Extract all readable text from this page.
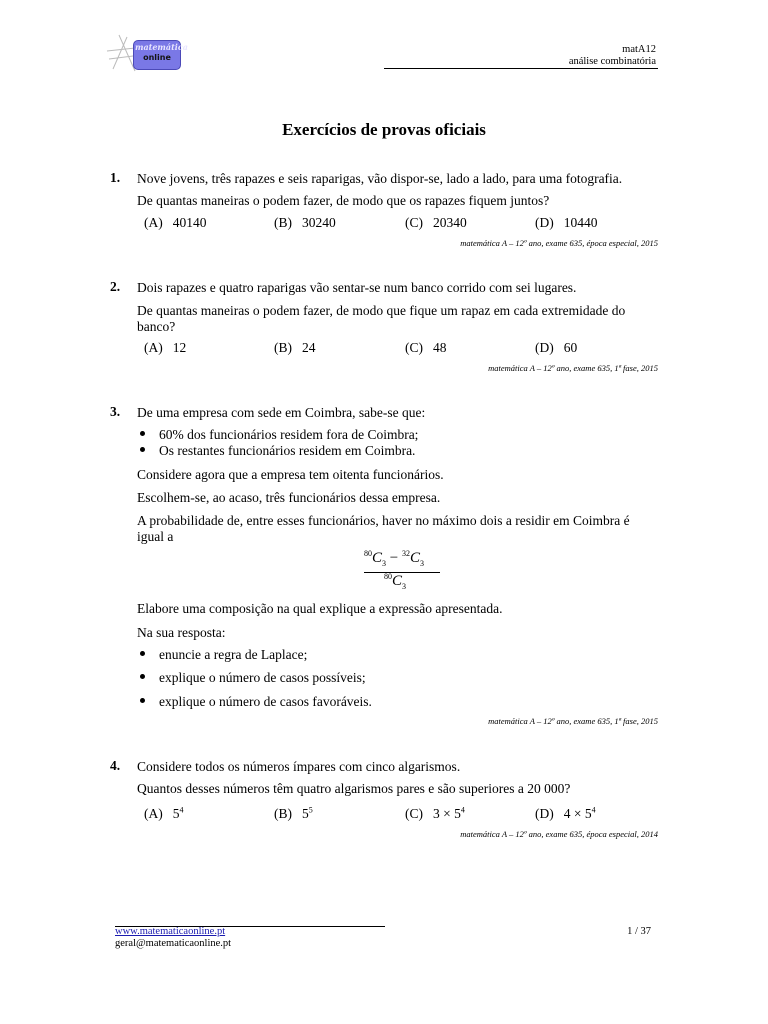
matemática
online
matA12
análise combinatória
Exercícios de provas oficiais
1. Nove jovens, três rapazes e seis raparigas, vão dispor-se, lado a lado, para uma fotografia.
De quantas maneiras o podem fazer, de modo que os rapazes fiquem juntos?
(A) 40140	(B) 30240	(C) 20340	(D) 10440
matemática A – 12º ano, exame 635, época especial, 2015
2. Dois rapazes e quatro raparigas vão sentar-se num banco corrido com sei lugares.
De quantas maneiras o podem fazer, de modo que fique um rapaz em cada extremidade do
banco?
(A) 12	(B) 24	(C) 48	(D) 60
matemática A – 12º ano, exame 635, 1ª fase, 2015
3. De uma empresa com sede em Coimbra, sabe-se que:
60% dos funcionários residem fora de Coimbra;
Os restantes funcionários residem em Coimbra.
Considere agora que a empresa tem oitenta funcionários.
Escolhem-se, ao acaso, três funcionários dessa empresa.
A probabilidade de, entre esses funcionários, haver no máximo dois a residir em Coimbra é
igual a
$^{80}C_3 - ^{32}C_3$
$^{80}C_3$
Elabore uma composição na qual explique a expressão apresentada.
Na sua resposta:
enuncie a regra de Laplace;
explique o número de casos possíveis;
explique o número de casos favoráveis.
matemática A – 12º ano, exame 635, 1ª fase, 2015
4. Considere todos os números ímpares com cinco algarismos.
Quantos desses números têm quatro algarismos pares e são superiores a 20 000?
(A) $5^4$	(B) $5^5$	(C) $3 \times 5^4$	(D) $4 \times 5^4$
matemática A – 12º ano, exame 635, época especial, 2014
www.matematicaonline.pt
geral@matematicaonline.pt
1 / 37
